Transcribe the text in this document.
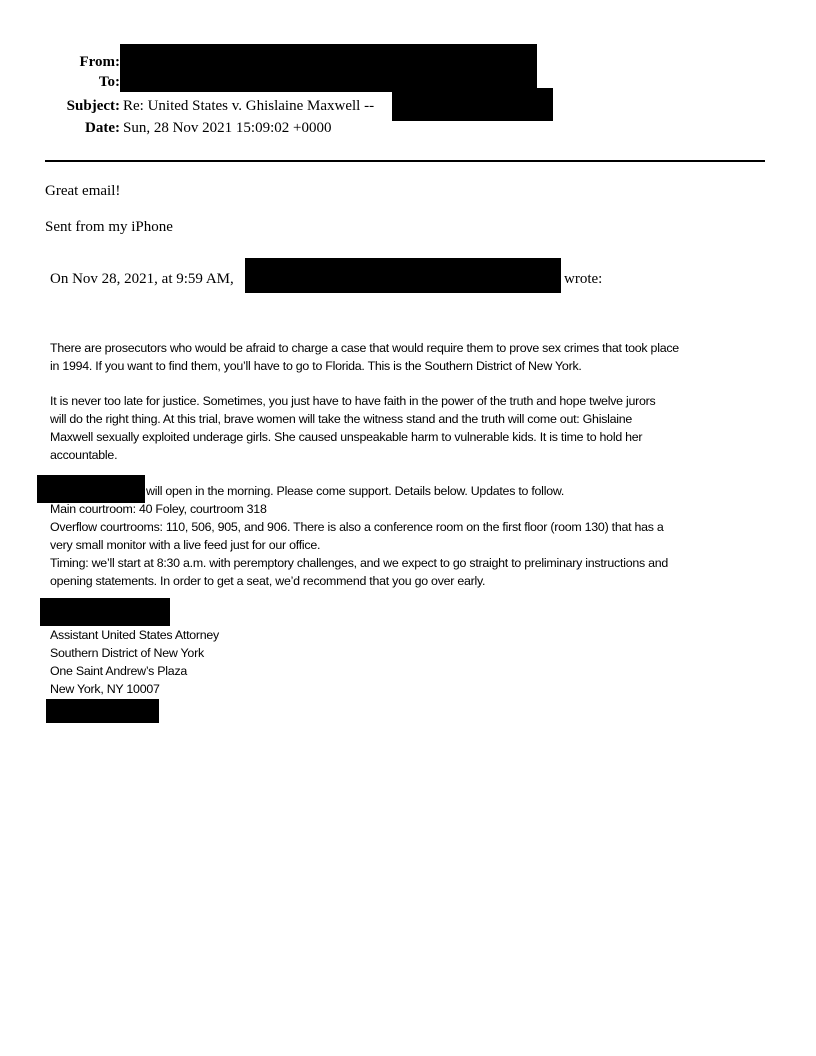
From:
To:
Subject: Re: United States v. Ghislaine Maxwell --
Date: Sun, 28 Nov 2021 15:09:02 +0000
Great email!
Sent from my iPhone
On Nov 28, 2021, at 9:59 AM,	wrote:
There are prosecutors who would be afraid to charge a case that would require them to prove sex crimes that took place
in 1994. If you want to find them, you’ll have to go to Florida. This is the Southern District of New York.
It is never too late for justice. Sometimes, you just have to have faith in the power of the truth and hope twelve jurors
will do the right thing. At this trial, brave women will take the witness stand and the truth will come out: Ghislaine
Maxwell sexually exploited underage girls. She caused unspeakable harm to vulnerable kids. It is time to hold her
accountable.
will open in the morning. Please come support. Details below. Updates to follow.
Main courtroom: 40 Foley, courtroom 318
Overflow courtrooms: 110, 506, 905, and 906. There is also a conference room on the first floor (room 130) that has a
very small monitor with a live feed just for our office.
Timing: we’ll start at 8:30 a.m. with peremptory challenges, and we expect to go straight to preliminary instructions and
opening statements. In order to get a seat, we’d recommend that you go over early.
Assistant United States Attorney
Southern District of New York
One Saint Andrew’s Plaza
New York, NY 10007
